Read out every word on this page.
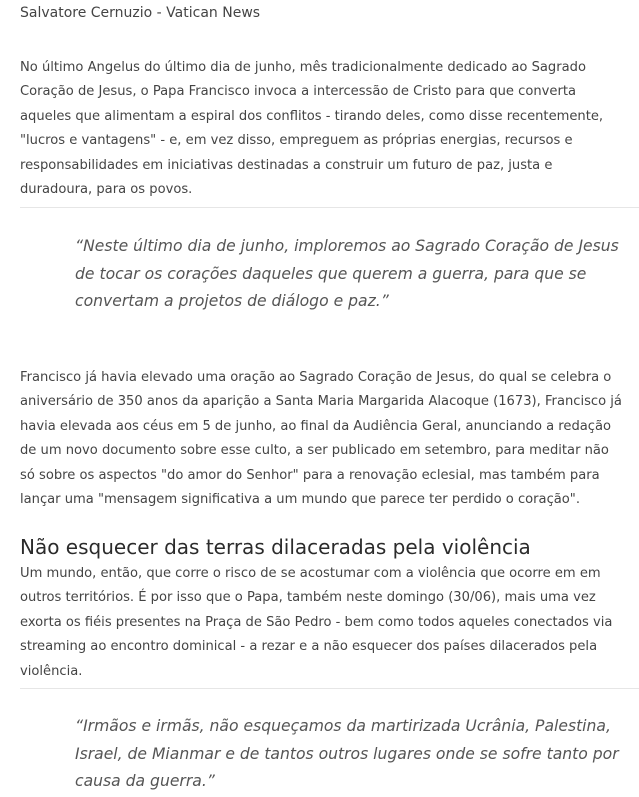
Salvatore Cernuzio - Vatican News

No último Angelus do último dia de junho, mês tradicionalmente dedicado ao Sagrado Coração de Jesus, o Papa Francisco invoca a intercessão de Cristo para que converta aqueles que alimentam a espiral dos conflitos - tirando deles, como disse recentemente, "lucros e vantagens" - e, em vez disso, empreguem as próprias energias, recursos e responsabilidades em iniciativas destinadas a construir um futuro de paz, justa e duradoura, para os povos.

“Neste último dia de junho, imploremos ao Sagrado Coração de Jesus de tocar os corações daqueles que querem a guerra, para que se convertam a projetos de diálogo e paz.”

Francisco já havia elevado uma oração ao Sagrado Coração de Jesus, do qual se celebra o aniversário de 350 anos da aparição a Santa Maria Margarida Alacoque (1673), Francisco já havia elevada aos céus em 5 de junho, ao final da Audiência Geral, anunciando a redação de um novo documento sobre esse culto, a ser publicado em setembro, para meditar não só sobre os aspectos "do amor do Senhor" para a renovação eclesial, mas também para lançar uma "mensagem significativa a um mundo que parece ter perdido o coração".

Não esquecer das terras dilaceradas pela violência

Um mundo, então, que corre o risco de se acostumar com a violência que ocorre em em outros territórios. É por isso que o Papa, também neste domingo (30/06), mais uma vez exorta os fiéis presentes na Praça de São Pedro - bem como todos aqueles conectados via streaming ao encontro dominical - a rezar e a não esquecer dos países dilacerados pela violência.

“Irmãos e irmãs, não esqueçamos da martirizada Ucrânia, Palestina, Israel, de Mianmar e de tantos outros lugares onde se sofre tanto por causa da guerra.”
